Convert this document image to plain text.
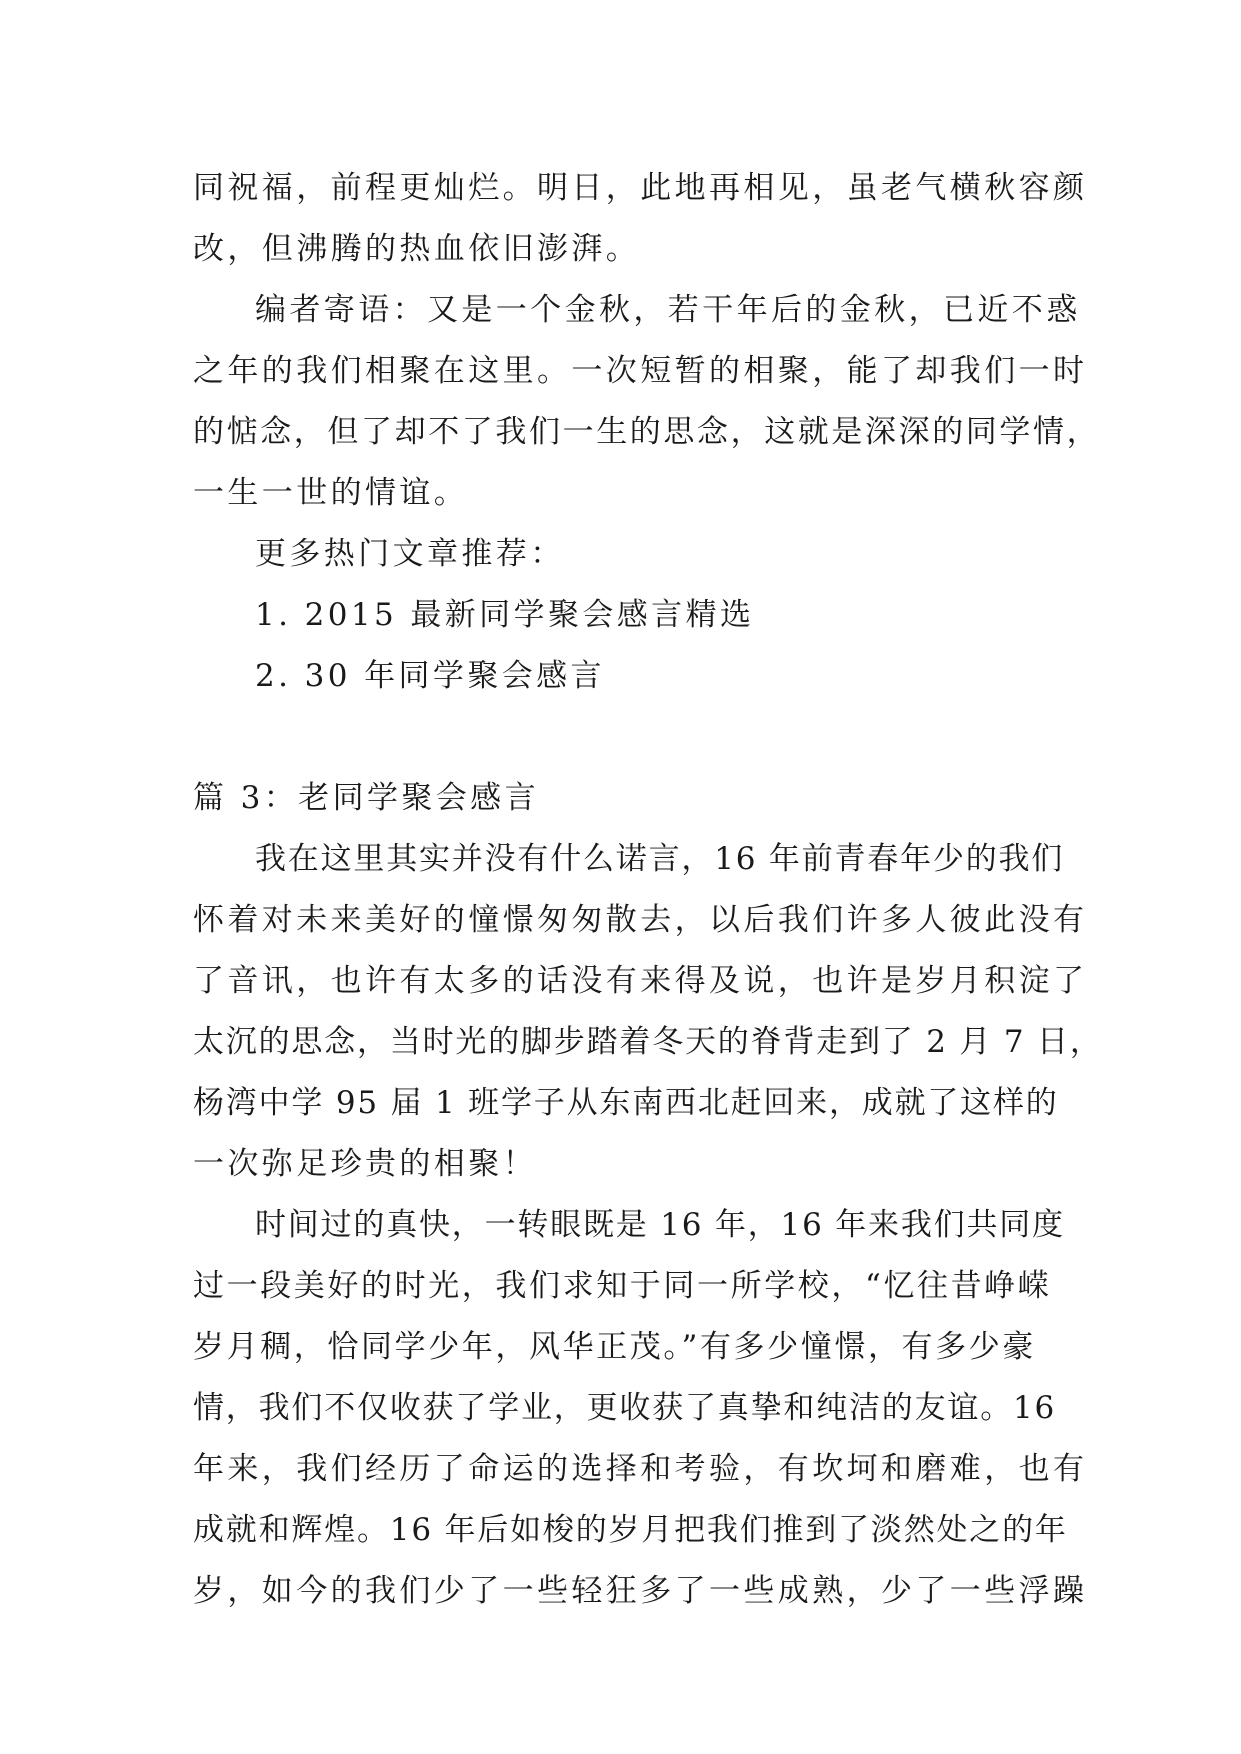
同祝福，前程更灿烂。明日，此地再相见，虽老气横秋容颜
改，但沸腾的热血依旧澎湃。
编者寄语：又是一个金秋，若干年后的金秋，已近不惑
之年的我们相聚在这里。一次短暂的相聚，能了却我们一时
的惦念，但了却不了我们一生的思念，这就是深深的同学情，
一生一世的情谊。
更多热门文章推荐：
1. 2015 最新同学聚会感言精选
2. 30 年同学聚会感言
篇 3：老同学聚会感言
我在这里其实并没有什么诺言，16 年前青春年少的我们
怀着对未来美好的憧憬匆匆散去，以后我们许多人彼此没有
了音讯，也许有太多的话没有来得及说，也许是岁月积淀了
太沉的思念，当时光的脚步踏着冬天的脊背走到了 2 月 7 日，
杨湾中学 95 届 1 班学子从东南西北赶回来，成就了这样的
一次弥足珍贵的相聚！
时间过的真快，一转眼既是 16 年，16 年来我们共同度
过一段美好的时光，我们求知于同一所学校，“忆往昔峥嵘
岁月稠，恰同学少年，风华正茂。”有多少憧憬，有多少豪
情，我们不仅收获了学业，更收获了真挚和纯洁的友谊。16
年来，我们经历了命运的选择和考验，有坎坷和磨难，也有
成就和辉煌。16 年后如梭的岁月把我们推到了淡然处之的年
岁，如今的我们少了一些轻狂多了一些成熟，少了一些浮躁
